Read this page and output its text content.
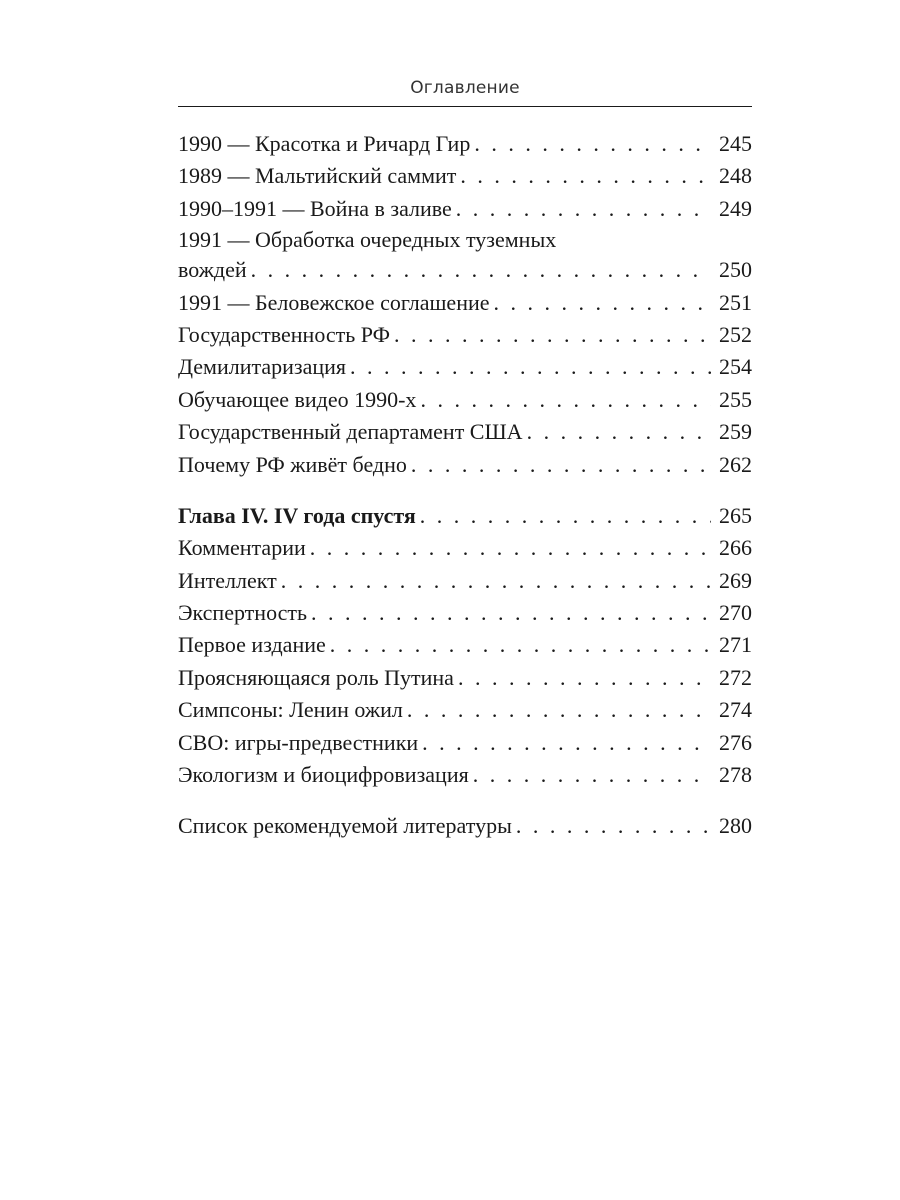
Оглавление
1990 — Красотка и Ричард Гир . . .	245
1989 — Мальтийский саммит . . .	248
1990–1991 — Война в заливе . . .	249
1991 — Обработка очередных туземных
вождей . . .	250
1991 — Беловежское соглашение . . .	251
Государственность РФ . . .	252
Демилитаризация . . .	254
Обучающее видео 1990-х . . .	255
Государственный департамент США . . .	259
Почему РФ живёт бедно . . .	262
Глава IV. IV года спустя . . .	265
Комментарии . . .	266
Интеллект . . .	269
Экспертность . . .	270
Первое издание . . .	271
Проясняющаяся роль Путина . . .	272
Симпсоны: Ленин ожил . . .	274
СВО: игры-предвестники . . .	276
Экологизм и биоцифровизация . . .	278
Список рекомендуемой литературы . . .	280
